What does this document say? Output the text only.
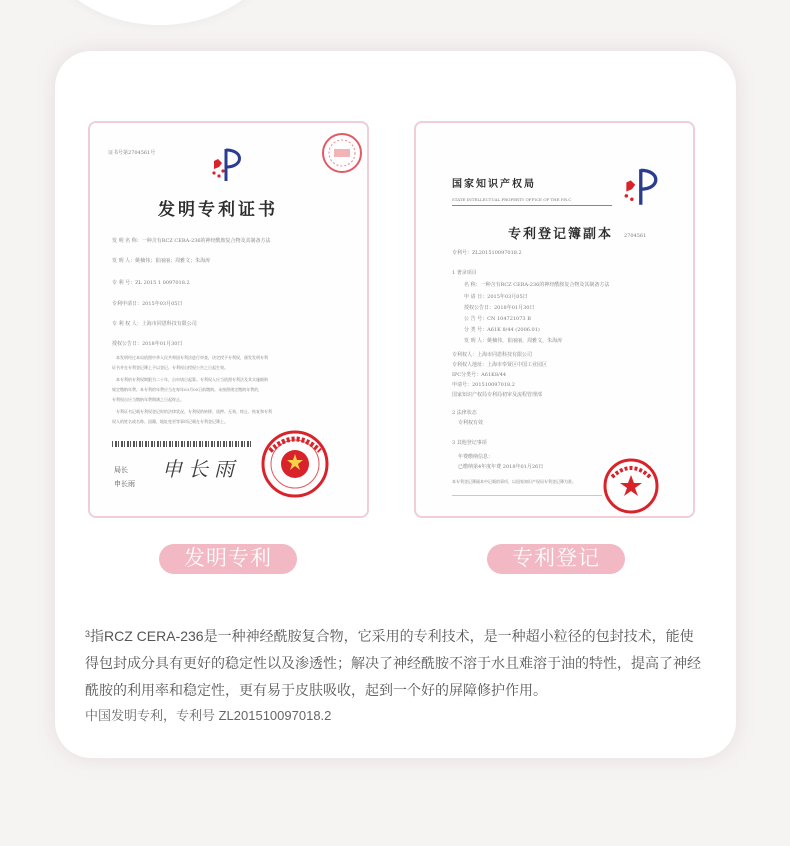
证书号第2704561号
发明专利证书
发 明 名 称：一种含有RCZ CERA-236的神经酰胺复合物及其制备方法
发 明 人：姚楠伟；崔丽丽；周雅文；朱海涛
专 利 号：ZL 2015 1 0097018.2
专利申请日：2015年03月05日
专 利 权 人：上海市同恩科技有限公司
授权公告日：2018年01月30日
本发明经过本局依照中华人民共和国专利法进行审查，决定授予专利权，颁发发明专利
证书并在专利登记簿上予以登记。专利权自授权公告之日起生效。
本专利的专利权期限为二十年，自申请日起算。专利权人应当依照专利法及其实施细则
规定缴纳年费。本专利的年费应当在每年03月05日前缴纳。未按照规定缴纳年费的，
专利权自应当缴纳年费期满之日起终止。
专利证书记载专利权登记时的法律状况。专利权的转移、质押、无效、终止、恢复和专利
权人的姓名或名称、国籍、地址变更等事项记载在专利登记簿上。
局长
申长雨
申长雨
国家知识产权局
STATE INTELLECTUAL PROPERTY OFFICE OF THE P.R.C
专利登记簿副本 2704561
专利号：ZL201510097018.2
1 著录项目
名 称：一种含有RCZ CERA-236的神经酰胺复合物及其制备方法
申 请 日：2015年03月05日
授权公告日：2018年01月30日
公 告 号：CN 104721073 B
分 类 号：A61K 8/44 (2006.01)
发 明 人：姚楠伟，崔丽丽，周雅文，朱海涛
专利权人：上海市同恩科技有限公司
专利权人地址：上海市奉贤区中国工业园区
IPC分类号：A61K8/44
申请号：201510097018.2
国家知识产权局专利局初审及流程管理部
2 法律状态
专利权有效
3 其他登记事项
年费缴纳信息：
已缴纳第4年度年费 2018年01月26日
本专利登记簿副本中记载的事项，以国家知识产权局专利登记簿为准。
发明专利	专利登记
$^3$指RCZ CERA-236是一种神经酰胺复合物，它采用的专利技术，是一种超小粒径的包封技术，能使得包封成分具有更好的稳定性以及渗透性；解决了神经酰胺不溶于水且难溶于油的特性，提高了神经酰胺的利用率和稳定性，更有易于皮肤吸收，起到一个好的屏障修护作用。
中国发明专利，专利号 ZL201510097018.2
